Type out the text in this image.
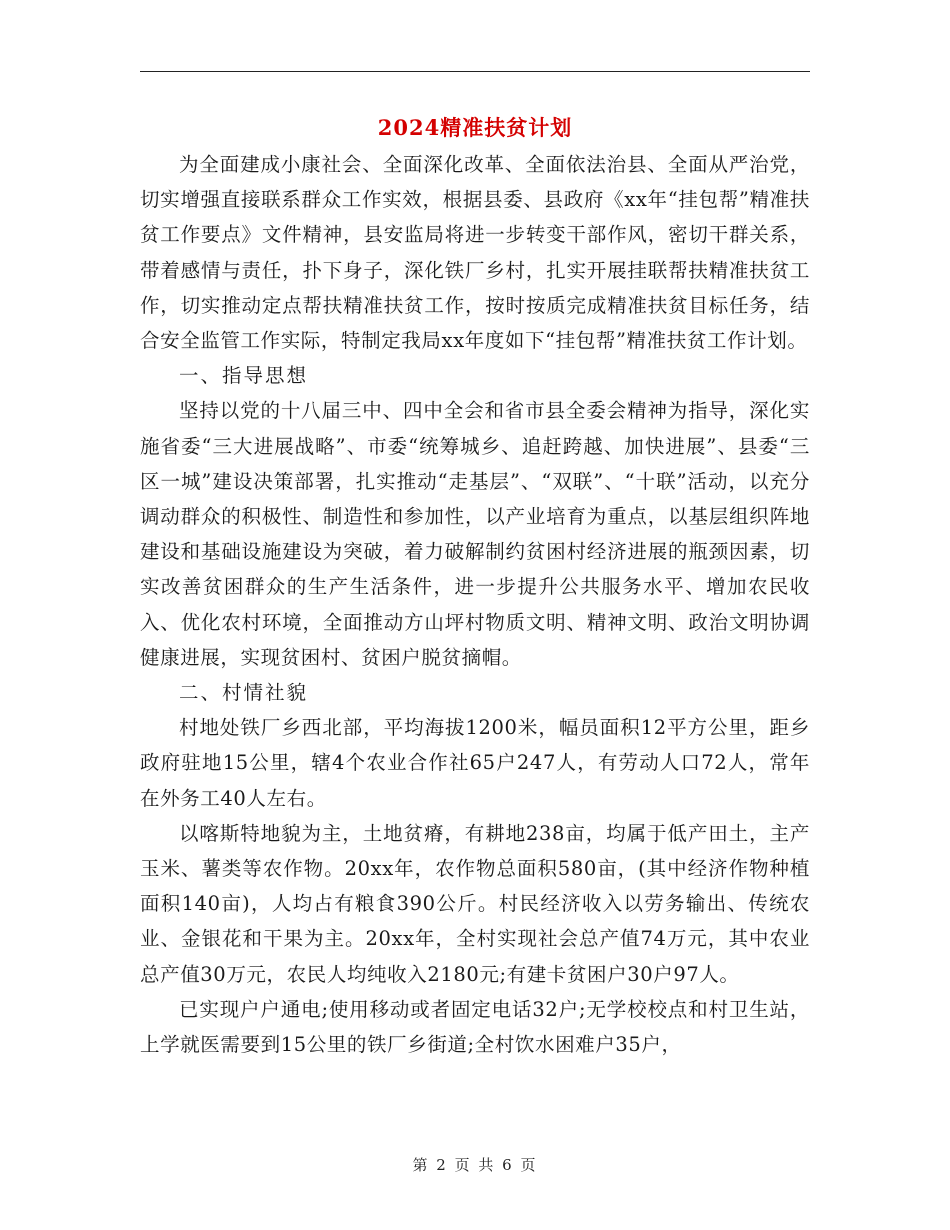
2024精准扶贫计划

为全面建成小康社会、全面深化改革、全面依法治县、全面从严治党，切实增强直接联系群众工作实效，根据县委、县政府《xx年“挂包帮”精准扶贫工作要点》文件精神，县安监局将进一步转变干部作风，密切干群关系，带着感情与责任，扑下身子，深化铁厂乡村，扎实开展挂联帮扶精准扶贫工作，切实推动定点帮扶精准扶贫工作，按时按质完成精准扶贫目标任务，结合安全监管工作实际，特制定我局xx年度如下“挂包帮”精准扶贫工作计划。

一、指导思想

坚持以党的十八届三中、四中全会和省市县全委会精神为指导，深化实施省委“三大进展战略”、市委“统筹城乡、追赶跨越、加快进展”、县委“三区一城”建设决策部署，扎实推动“走基层”、“双联”、“十联”活动，以充分调动群众的积极性、制造性和参加性，以产业培育为重点，以基层组织阵地建设和基础设施建设为突破，着力破解制约贫困村经济进展的瓶颈因素，切实改善贫困群众的生产生活条件，进一步提升公共服务水平、增加农民收入、优化农村环境，全面推动方山坪村物质文明、精神文明、政治文明协调健康进展，实现贫困村、贫困户脱贫摘帽。

二、村情社貌

村地处铁厂乡西北部，平均海拔1200米，幅员面积12平方公里，距乡政府驻地15公里，辖4个农业合作社65户247人，有劳动人口72人，常年在外务工40人左右。

以喀斯特地貌为主，土地贫瘠，有耕地238亩，均属于低产田土，主产玉米、薯类等农作物。20xx年，农作物总面积580亩，(其中经济作物种植面积140亩)，人均占有粮食390公斤。村民经济收入以劳务输出、传统农业、金银花和干果为主。20xx年，全村实现社会总产值74万元，其中农业总产值30万元，农民人均纯收入2180元;有建卡贫困户30户97人。

已实现户户通电;使用移动或者固定电话32户;无学校校点和村卫生站，上学就医需要到15公里的铁厂乡街道;全村饮水困难户35户，

第 2 页 共 6 页
